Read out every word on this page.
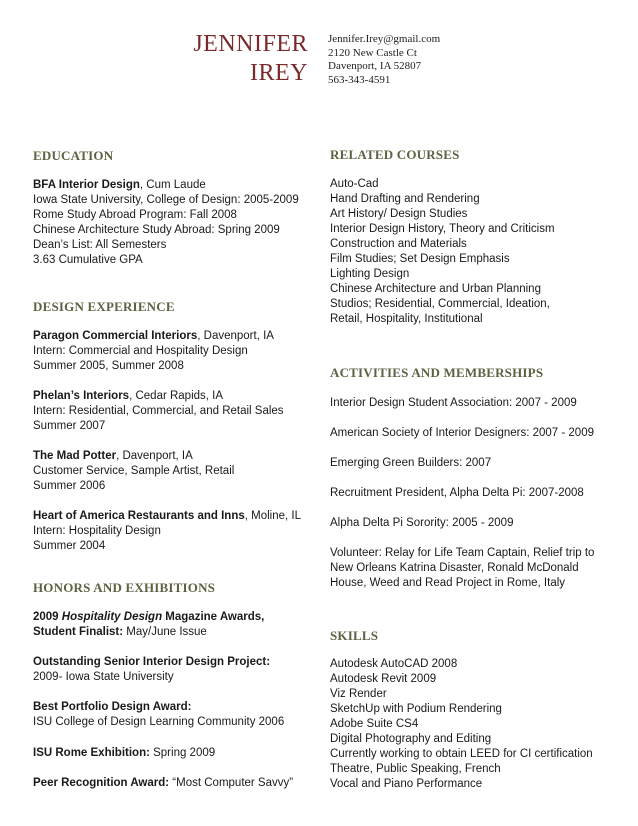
JENNIFER
IREY
Jennifer.Irey@gmail.com
2120 New Castle Ct
Davenport, IA 52807
563-343-4591
EDUCATION
BFA Interior Design, Cum Laude
Iowa State University, College of Design: 2005-2009
Rome Study Abroad Program: Fall 2008
Chinese Architecture Study Abroad: Spring 2009
Dean’s List: All Semesters
3.63 Cumulative GPA
DESIGN EXPERIENCE
Paragon Commercial Interiors, Davenport, IA
Intern: Commercial and Hospitality Design
Summer 2005, Summer 2008
Phelan’s Interiors, Cedar Rapids, IA
Intern: Residential, Commercial, and Retail Sales
Summer 2007
The Mad Potter, Davenport, IA
Customer Service, Sample Artist, Retail
Summer 2006
Heart of America Restaurants and Inns, Moline, IL
Intern: Hospitality Design
Summer 2004
HONORS AND EXHIBITIONS
2009 Hospitality Design Magazine Awards,
Student Finalist: May/June Issue
Outstanding Senior Interior Design Project:
2009- Iowa State University
Best Portfolio Design Award:
ISU College of Design Learning Community 2006
ISU Rome Exhibition: Spring 2009
Peer Recognition Award: “Most Computer Savvy”
RELATED COURSES
Auto-Cad
Hand Drafting and Rendering
Art History/ Design Studies
Interior Design History, Theory and Criticism
Construction and Materials
Film Studies; Set Design Emphasis
Lighting Design
Chinese Architecture and Urban Planning
Studios; Residential, Commercial, Ideation,
Retail, Hospitality, Institutional
ACTIVITIES AND MEMBERSHIPS
Interior Design Student Association: 2007 - 2009
American Society of Interior Designers: 2007 - 2009
Emerging Green Builders: 2007
Recruitment President, Alpha Delta Pi: 2007-2008
Alpha Delta Pi Sorority: 2005 - 2009
Volunteer: Relay for Life Team Captain, Relief trip to
New Orleans Katrina Disaster, Ronald McDonald
House, Weed and Read Project in Rome, Italy
SKILLS
Autodesk AutoCAD 2008
Autodesk Revit 2009
Viz Render
SketchUp with Podium Rendering
Adobe Suite CS4
Digital Photography and Editing
Currently working to obtain LEED for CI certification
Theatre, Public Speaking, French
Vocal and Piano Performance
